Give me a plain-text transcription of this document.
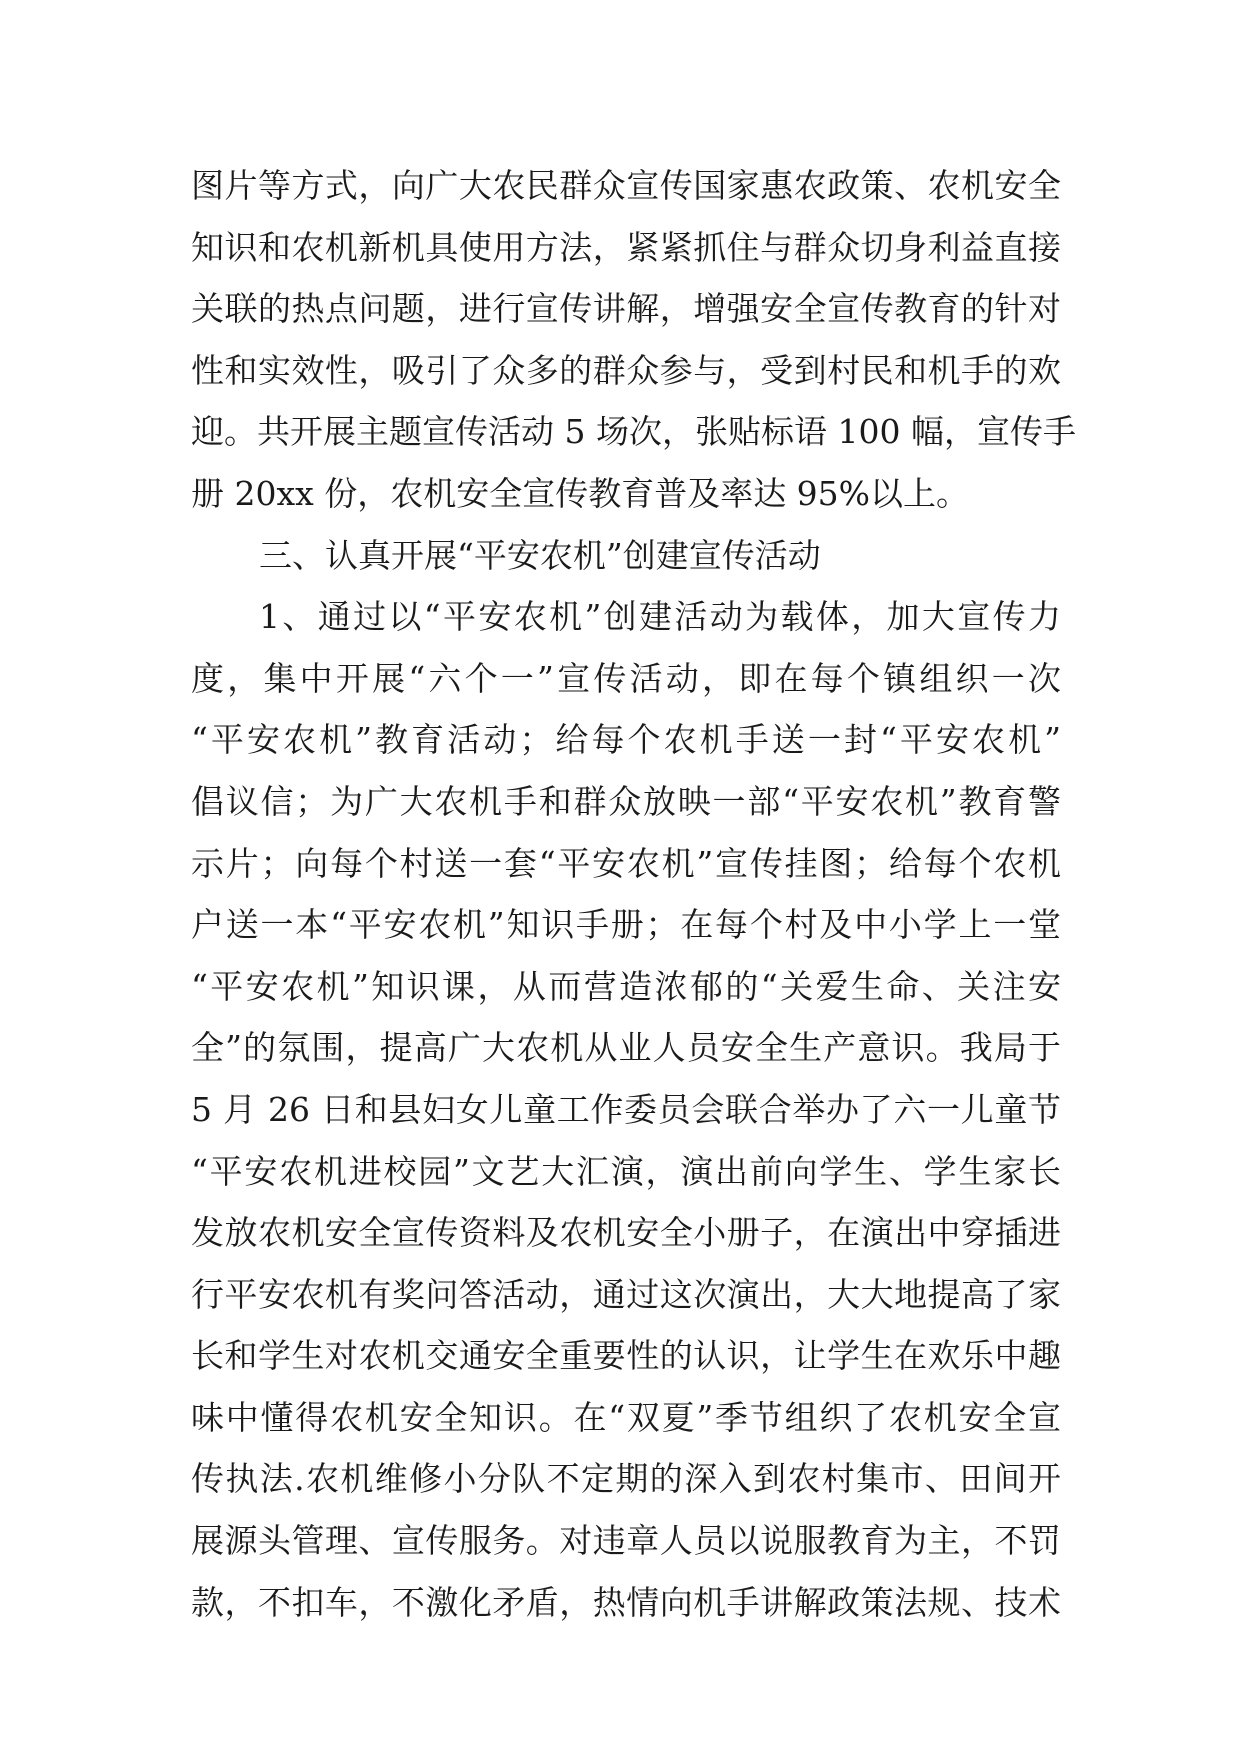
图片等方式，向广大农民群众宣传国家惠农政策、农机安全
知识和农机新机具使用方法，紧紧抓住与群众切身利益直接
关联的热点问题，进行宣传讲解，增强安全宣传教育的针对
性和实效性，吸引了众多的群众参与，受到村民和机手的欢
迎。共开展主题宣传活动 5 场次，张贴标语 100 幅，宣传手
册 20xx 份，农机安全宣传教育普及率达 95%以上。
三、认真开展“平安农机”创建宣传活动
1、通过以“平安农机”创建活动为载体，加大宣传力
度，集中开展“六个一”宣传活动，即在每个镇组织一次
“平安农机”教育活动；给每个农机手送一封“平安农机”
倡议信；为广大农机手和群众放映一部“平安农机”教育警
示片；向每个村送一套“平安农机”宣传挂图；给每个农机
户送一本“平安农机”知识手册；在每个村及中小学上一堂
“平安农机”知识课，从而营造浓郁的“关爱生命、关注安
全”的氛围，提高广大农机从业人员安全生产意识。我局于
5 月 26 日和县妇女儿童工作委员会联合举办了六一儿童节
“平安农机进校园”文艺大汇演，演出前向学生、学生家长
发放农机安全宣传资料及农机安全小册子，在演出中穿插进
行平安农机有奖问答活动，通过这次演出，大大地提高了家
长和学生对农机交通安全重要性的认识，让学生在欢乐中趣
味中懂得农机安全知识。在“双夏”季节组织了农机安全宣
传执法.农机维修小分队不定期的深入到农村集市、田间开
展源头管理、宣传服务。对违章人员以说服教育为主，不罚
款，不扣车，不激化矛盾，热情向机手讲解政策法规、技术
